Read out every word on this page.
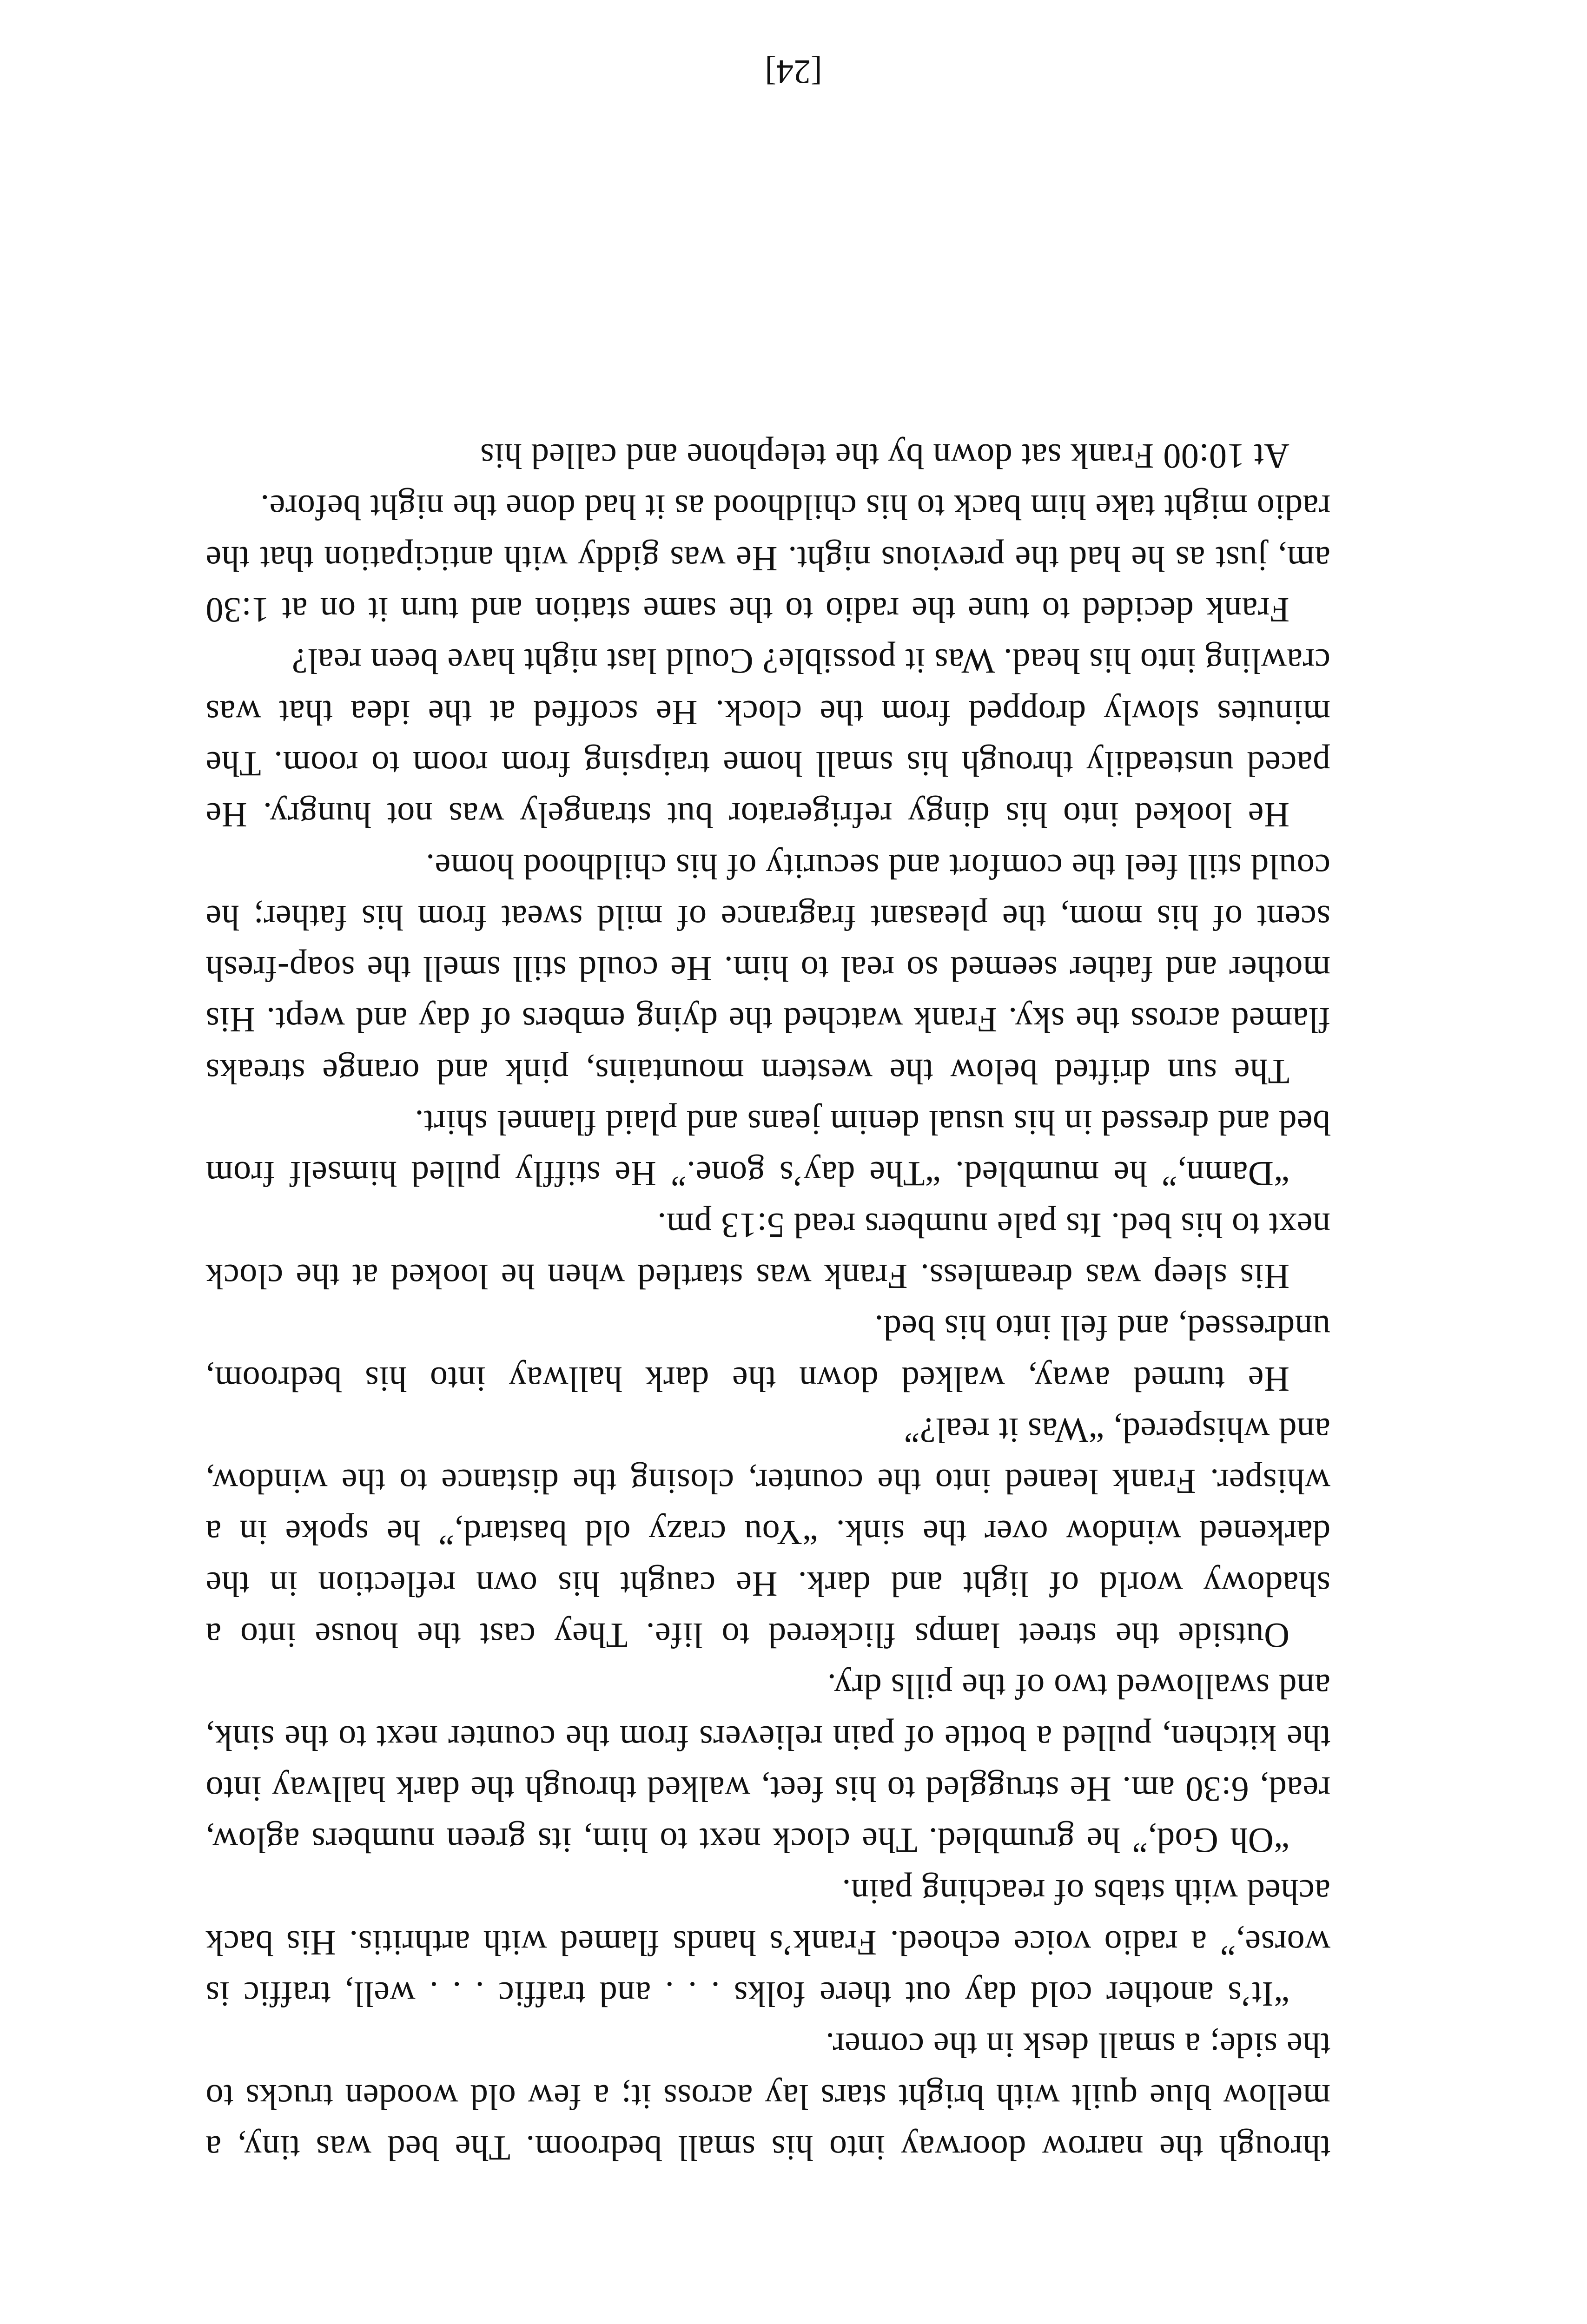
through the narrow doorway into his small bedroom. The bed was tiny, a mellow blue quilt with bright stars lay across it; a few old wooden trucks to the side; a small desk in the corner.

“It’s another cold day out there folks . . . and traffic . . . well, traffic is worse,” a radio voice echoed. Frank’s hands flamed with arthritis. His back ached with stabs of reaching pain.

“Oh God,” he grumbled. The clock next to him, its green numbers aglow, read, 6:30 am. He struggled to his feet, walked through the dark hallway into the kitchen, pulled a bottle of pain relievers from the counter next to the sink, and swallowed two of the pills dry.

Outside the street lamps flickered to life. They cast the house into a shadowy world of light and dark. He caught his own reflection in the darkened window over the sink. “You crazy old bastard,” he spoke in a whisper. Frank leaned into the counter, closing the distance to the window, and whispered, “Was it real?”

He turned away, walked down the dark hallway into his bedroom, undressed, and fell into his bed.

His sleep was dreamless. Frank was startled when he looked at the clock next to his bed. Its pale numbers read 5:13 pm.

“Damn,” he mumbled. “The day’s gone.” He stiffly pulled himself from bed and dressed in his usual denim jeans and plaid flannel shirt.

The sun drifted below the western mountains, pink and orange streaks flamed across the sky. Frank watched the dying embers of day and wept. His mother and father seemed so real to him. He could still smell the soap-fresh scent of his mom, the pleasant fragrance of mild sweat from his father; he could still feel the comfort and security of his childhood home.

He looked into his dingy refrigerator but strangely was not hungry. He paced unsteadily through his small home traipsing from room to room. The minutes slowly dropped from the clock. He scoffed at the idea that was crawling into his head. Was it possible? Could last night have been real?

Frank decided to tune the radio to the same station and turn it on at 1:30 am, just as he had the previous night. He was giddy with anticipation that the radio might take him back to his childhood as it had done the night before.

At 10:00 Frank sat down by the telephone and called his

[24]
